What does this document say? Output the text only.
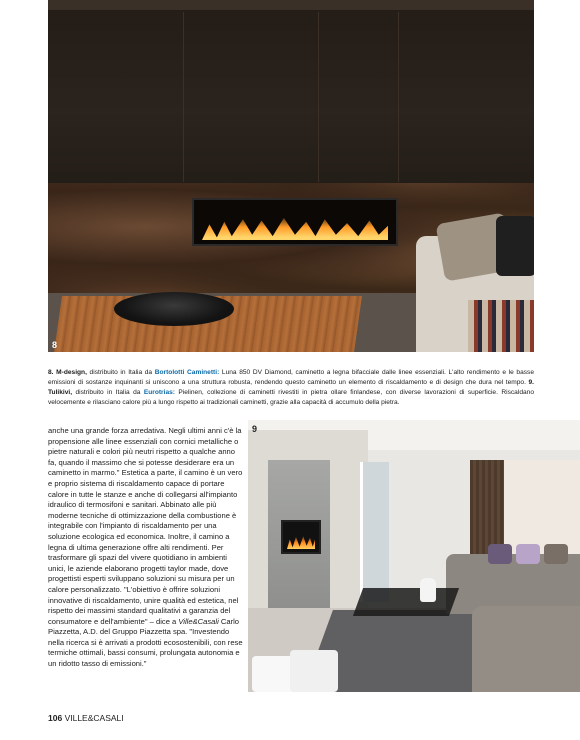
8
8. M-design, distribuito in Italia da Bortolotti Caminetti: Luna 850 DV Diamond, caminetto a legna bifacciale dalle linee essenziali. L'alto rendimento e le basse emissioni di sostanze inquinanti si uniscono a una struttura robusta, rendendo questo caminetto un elemento di riscaldamento e di design che dura nel tempo. 9. Tulikivi, distribuito in Italia da Eurotrias: Pielinen, collezione di caminetti rivestiti in pietra ollare finlandese, con diverse lavorazioni di superficie. Riscaldano velocemente e rilasciano calore più a lungo rispetto ai tradizionali caminetti, grazie alla capacità di accumulo della pietra.

anche una grande forza arredativa. Negli ultimi anni c'è la propensione alle linee essenziali con cornici metalliche o pietre naturali e colori più neutri rispetto a qualche anno fa, quando il massimo che si potesse desiderare era un caminetto in marmo." Estetica a parte, il camino è un vero e proprio sistema di riscaldamento capace di portare calore in tutte le stanze e anche di collegarsi all'impianto idraulico di termosifoni e sanitari. Abbinato alle più moderne tecniche di ottimizzazione della combustione è integrabile con l'impianto di riscaldamento per una soluzione ecologica ed economica. Inoltre, il camino a legna di ultima generazione offre alti rendimenti. Per trasformare gli spazi del vivere quotidiano in ambienti unici, le aziende elaborano progetti taylor made, dove progettisti esperti sviluppano soluzioni su misura per un calore personalizzato. "L'obiettivo è offrire soluzioni innovative di riscaldamento, unire qualità ed estetica, nel rispetto dei massimi standard qualitativi a garanzia del consumatore e dell'ambiente" – dice a Ville&Casali Carlo Piazzetta, A.D. del Gruppo Piazzetta spa. "Investendo nella ricerca si è arrivati a prodotti ecosostenibili, con rese termiche ottimali, bassi consumi, prolungata autonomia e un ridotto tasso di emissioni."

9
106 VILLE&CASALI
